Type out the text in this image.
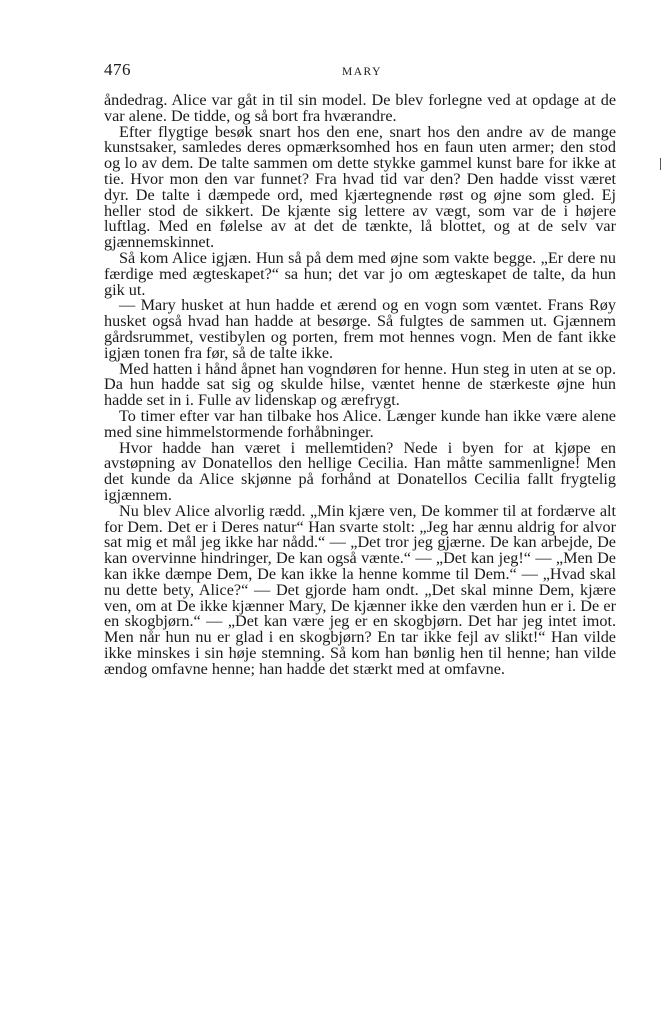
476	MARY

åndedrag. Alice var gåt in til sin model. De blev forlegne ved at opdage at de var alene. De tidde, og så bort fra hværandre.

Efter flygtige besøk snart hos den ene, snart hos den andre av de mange kunstsaker, samledes deres opmærksomhed hos en faun uten armer; den stod og lo av dem. De talte sammen om dette stykke gammel kunst bare for ikke at tie. Hvor mon den var funnet? Fra hvad tid var den? Den hadde visst været dyr. De talte i dæmpede ord, med kjærtegnende røst og øjne som gled. Ej heller stod de sikkert. De kjænte sig lettere av vægt, som var de i højere luftlag. Med en følelse av at det de tænkte, lå blottet, og at de selv var gjænnemskinnet.

Så kom Alice igjæn. Hun så på dem med øjne som vakte begge. „Er dere nu færdige med ægteskapet?“ sa hun; det var jo om ægteskapet de talte, da hun gik ut.

— Mary husket at hun hadde et ærend og en vogn som væntet. Frans Røy husket også hvad han hadde at besørge. Så fulgtes de sammen ut. Gjænnem gårdsrummet, vestibylen og porten, frem mot hennes vogn. Men de fant ikke igjæn tonen fra før, så de talte ikke.

Med hatten i hånd åpnet han vogndøren for henne. Hun steg in uten at se op. Da hun hadde sat sig og skulde hilse, væntet henne de stærkeste øjne hun hadde set in i. Fulle av lidenskap og ærefrygt.

To timer efter var han tilbake hos Alice. Længer kunde han ikke være alene med sine himmelstormende forhåbninger.

Hvor hadde han været i mellemtiden? Nede i byen for at kjøpe en avstøpning av Donatellos den hellige Cecilia. Han måtte sammenligne! Men det kunde da Alice skjønne på forhånd at Donatellos Cecilia fallt frygtelig igjænnem.

Nu blev Alice alvorlig rædd. „Min kjære ven, De kommer til at fordærve alt for Dem. Det er i Deres natur“ Han svarte stolt: „Jeg har ænnu aldrig for alvor sat mig et mål jeg ikke har nådd.“ — „Det tror jeg gjærne. De kan arbejde, De kan overvinne hindringer, De kan også væntе.“ — „Det kan jeg!“ — „Men De kan ikke dæmpe Dem, De kan ikke la henne komme til Dem.“ — „Hvad skal nu dette bety, Alice?“ — Det gjorde ham ondt. „Det skal minne Dem, kjære ven, om at De ikke kjænner Mary, De kjænner ikke den værden hun er i. De er en skogbjørn.“ — „Det kan være jeg er en skogbjørn. Det har jeg intet imot. Men når hun nu er glad i en skogbjørn? En tar ikke fejl av slikt!“ Han vilde ikke minskes i sin høje stemning. Så kom han bønlig hen til henne; han vilde ændog omfavne henne; han hadde det stærkt med at omfavne.
